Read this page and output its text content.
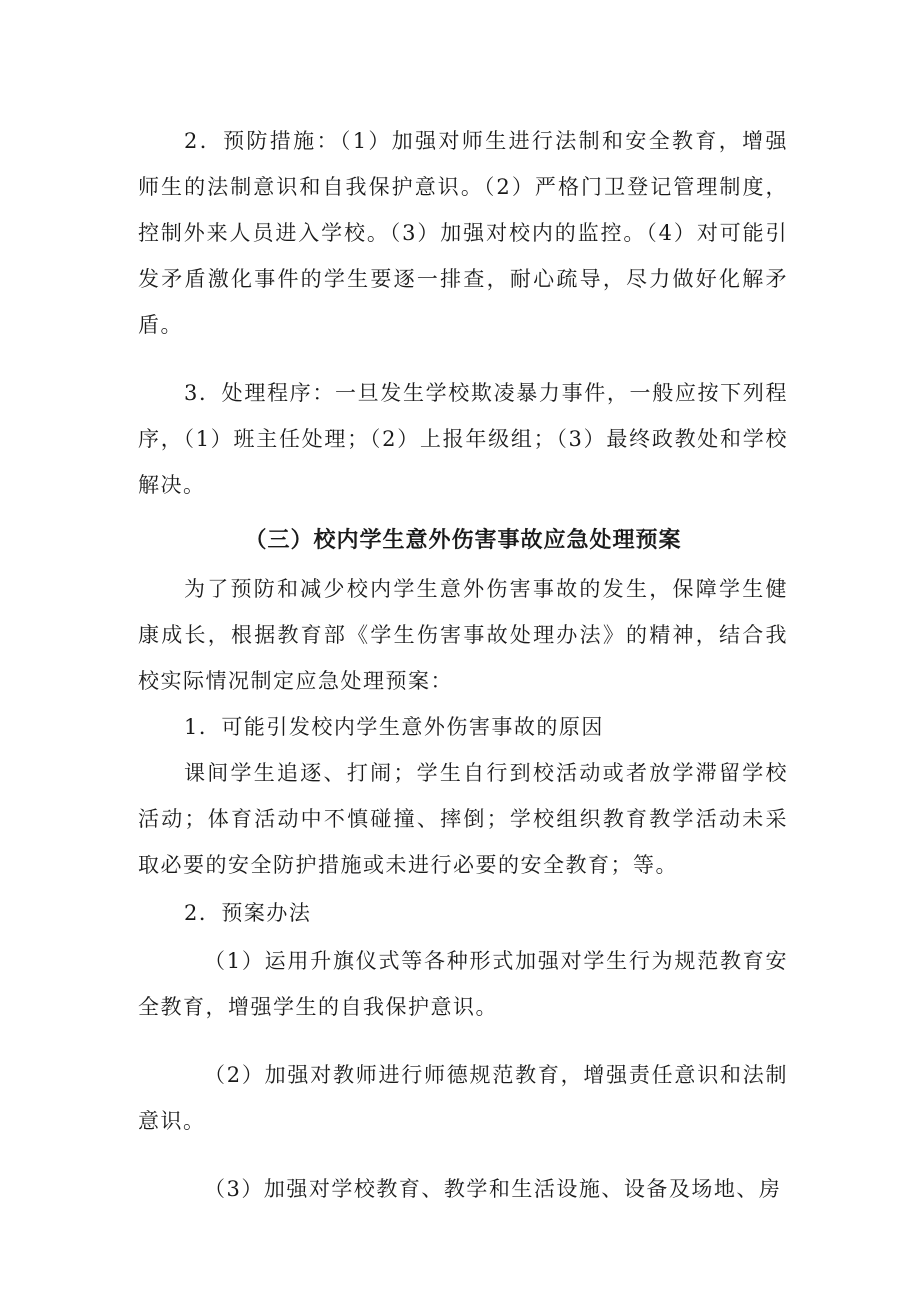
2．预防措施：（1）加强对师生进行法制和安全教育，增强师生的法制意识和自我保护意识。（2）严格门卫登记管理制度，控制外来人员进入学校。（3）加强对校内的监控。（4）对可能引发矛盾激化事件的学生要逐一排查，耐心疏导，尽力做好化解矛盾。

3．处理程序：一旦发生学校欺凌暴力事件，一般应按下列程序，（1）班主任处理；（2）上报年级组；（3）最终政教处和学校解决。

（三）校内学生意外伤害事故应急处理预案

为了预防和减少校内学生意外伤害事故的发生，保障学生健康成长，根据教育部《学生伤害事故处理办法》的精神，结合我校实际情况制定应急处理预案：

1．可能引发校内学生意外伤害事故的原因

课间学生追逐、打闹；学生自行到校活动或者放学滞留学校活动；体育活动中不慎碰撞、摔倒；学校组织教育教学活动未采取必要的安全防护措施或未进行必要的安全教育；等。

2．预案办法

（1）运用升旗仪式等各种形式加强对学生行为规范教育安全教育，增强学生的自我保护意识。

（2）加强对教师进行师德规范教育，增强责任意识和法制意识。

（3）加强对学校教育、教学和生活设施、设备及场地、房
